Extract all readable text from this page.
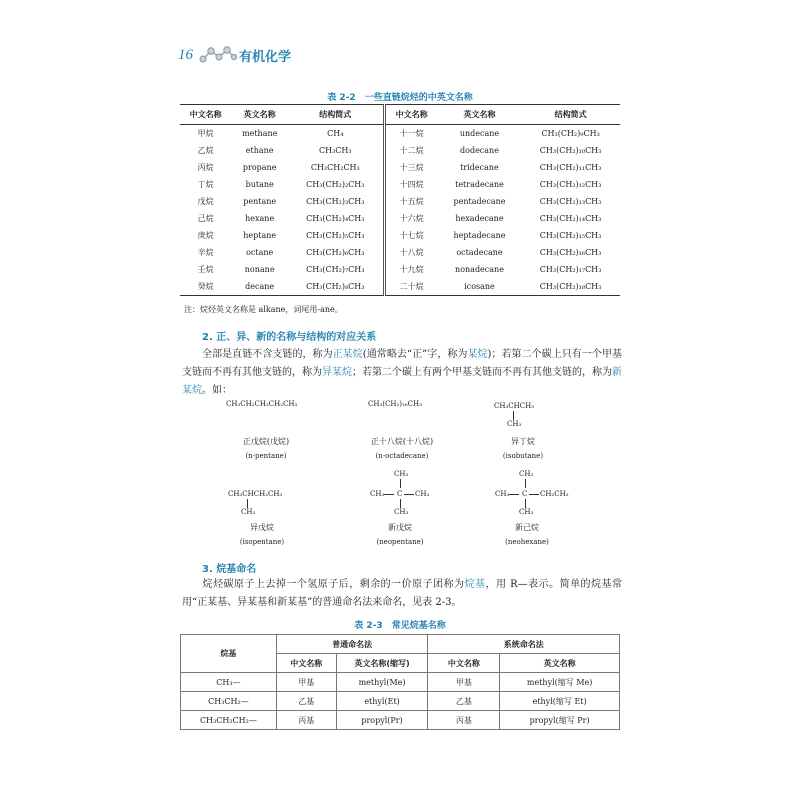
16	有机化学
表 2-2　一些直链烷烃的中英文名称
中文名称	英文名称	结构简式	中文名称	英文名称	结构简式
甲烷	methane	CH₄	十一烷	undecane	CH₃(CH₂)₉CH₃
乙烷	ethane	CH₃CH₃	十二烷	dodecane	CH₃(CH₂)₁₀CH₃
丙烷	propane	CH₃CH₂CH₃	十三烷	tridecane	CH₃(CH₂)₁₁CH₃
丁烷	butane	CH₃(CH₂)₂CH₃	十四烷	tetradecane	CH₃(CH₂)₁₂CH₃
戊烷	pentane	CH₃(CH₂)₃CH₃	十五烷	pentadecane	CH₃(CH₂)₁₃CH₃
己烷	hexane	CH₃(CH₂)₄CH₃	十六烷	hexadecane	CH₃(CH₂)₁₄CH₃
庚烷	heptane	CH₃(CH₂)₅CH₃	十七烷	heptadecane	CH₃(CH₂)₁₅CH₃
辛烷	octane	CH₃(CH₂)₆CH₃	十八烷	octadecane	CH₃(CH₂)₁₆CH₃
壬烷	nonane	CH₃(CH₂)₇CH₃	十九烷	nonadecane	CH₃(CH₂)₁₇CH₃
癸烷	decane	CH₃(CH₂)₈CH₃	二十烷	icosane	CH₃(CH₂)₁₈CH₃
注：烷烃英文名称是 alkane，词尾用-ane。
2. 正、异、新的名称与结构的对应关系
全部是直链不含支链的，称为正某烷(通常略去“正”字，称为某烷)；若第二个碳上只有一个甲基支链而不再有其他支链的，称为异某烷；若第二个碳上有两个甲基支链而不再有其他支链的，称为新某烷。如：
CH₃CH₂CH₂CH₂CH₃
正戊烷(戊烷)
(n-pentane)
CH₃(CH₂)₁₆CH₃
正十八烷(十八烷)
(n-octadecane)
CH₃CHCH₃
CH₃
异丁烷
(isobutane)
CH₃CHCH₂CH₃
CH₃
异戊烷
(isopentane)
CH₃
CH₃ C CH₃
CH₃
新戊烷
(neopentane)
CH₃
CH₃ C CH₂CH₃
CH₃
新己烷
(neohexane)
3. 烷基命名
烷烃碳原子上去掉一个氢原子后，剩余的一价原子团称为烷基，用 R—表示。简单的烷基常用“正某基、异某基和新某基”的普通命名法来命名，见表 2-3。
表 2-3　常见烷基名称
烷基	普通命名法		系统命名法	
	中文名称	英文名称(缩写)	中文名称	英文名称
CH₃—	甲基	methyl(Me)	甲基	methyl(缩写 Me)
CH₃CH₂—	乙基	ethyl(Et)	乙基	ethyl(缩写 Et)
CH₃CH₂CH₂—	丙基	propyl(Pr)	丙基	propyl(缩写 Pr)
